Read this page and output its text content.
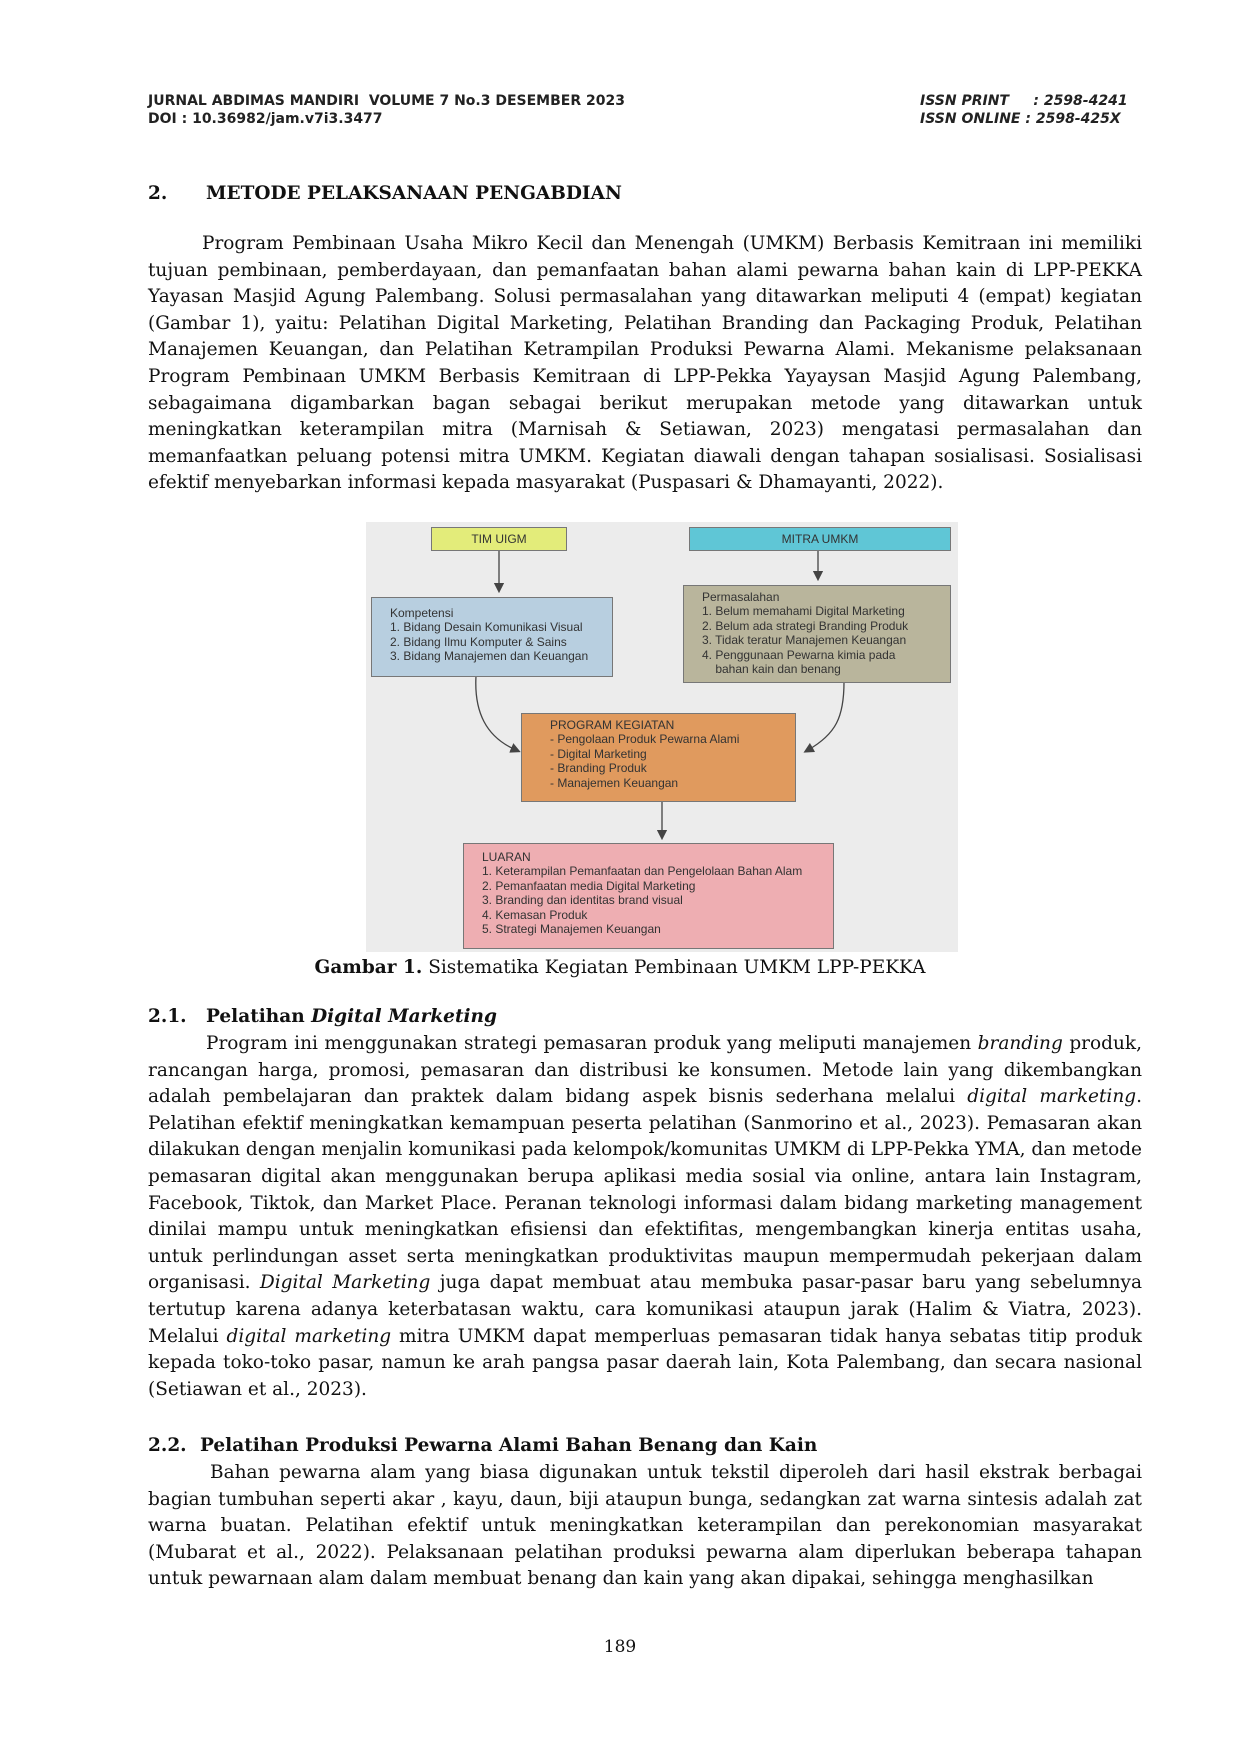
JURNAL ABDIMAS MANDIRI  VOLUME 7 No.3 DESEMBER 2023
DOI : 10.36982/jam.v7i3.3477
ISSN PRINT     : 2598-4241
ISSN ONLINE : 2598-425X
2. METODE PELAKSANAAN PENGABDIAN

Program Pembinaan Usaha Mikro Kecil dan Menengah (UMKM) Berbasis Kemitraan ini memiliki tujuan pembinaan, pemberdayaan, dan pemanfaatan bahan alami pewarna bahan kain di LPP-PEKKA Yayasan Masjid Agung Palembang. Solusi permasalahan yang ditawarkan meliputi 4 (empat) kegiatan (Gambar 1), yaitu: Pelatihan Digital Marketing, Pelatihan Branding dan Packaging Produk, Pelatihan Manajemen Keuangan, dan Pelatihan Ketrampilan Produksi Pewarna Alami. Mekanisme pelaksanaan Program Pembinaan UMKM Berbasis Kemitraan di LPP-Pekka Yayaysan Masjid Agung Palembang, sebagaimana digambarkan bagan sebagai berikut merupakan metode yang ditawarkan untuk meningkatkan keterampilan mitra (Marnisah & Setiawan, 2023) mengatasi permasalahan dan memanfaatkan peluang potensi mitra UMKM. Kegiatan diawali dengan tahapan sosialisasi. Sosialisasi efektif menyebarkan informasi kepada masyarakat (Puspasari & Dhamayanti, 2022).

TIM UIGM	MITRA UMKM
Kompetensi
1. Bidang Desain Komunikasi Visual
2. Bidang Ilmu Komputer & Sains
3. Bidang Manajemen dan Keuangan
Permasalahan
1. Belum memahami Digital Marketing
2. Belum ada strategi Branding Produk
3. Tidak teratur Manajemen Keuangan
4. Penggunaan Pewarna kimia pada
bahan kain dan benang
PROGRAM KEGIATAN
- Pengolaan Produk Pewarna Alami
- Digital Marketing
- Branding Produk
- Manajemen Keuangan
LUARAN
1. Keterampilan Pemanfaatan dan Pengelolaan Bahan Alam
2. Pemanfaatan media Digital Marketing
3. Branding dan identitas brand visual
4. Kemasan Produk
5. Strategi Manajemen Keuangan
Gambar 1. Sistematika Kegiatan Pembinaan UMKM LPP-PEKKA
2.1. Pelatihan Digital Marketing

Program ini menggunakan strategi pemasaran produk yang meliputi manajemen branding produk, rancangan harga, promosi, pemasaran dan distribusi ke konsumen. Metode lain yang dikembangkan adalah pembelajaran dan praktek dalam bidang aspek bisnis sederhana melalui digital marketing. Pelatihan efektif meningkatkan kemampuan peserta pelatihan (Sanmorino et al., 2023). Pemasaran akan dilakukan dengan menjalin komunikasi pada kelompok/komunitas UMKM di LPP-Pekka YMA, dan metode pemasaran digital akan menggunakan berupa aplikasi media sosial via online, antara lain Instagram, Facebook, Tiktok, dan Market Place. Peranan teknologi informasi dalam bidang marketing management dinilai mampu untuk meningkatkan efisiensi dan efektifitas, mengembangkan kinerja entitas usaha, untuk perlindungan asset serta meningkatkan produktivitas maupun mempermudah pekerjaan dalam organisasi. Digital Marketing juga dapat membuat atau membuka pasar-pasar baru yang sebelumnya tertutup karena adanya keterbatasan waktu, cara komunikasi ataupun jarak (Halim & Viatra, 2023). Melalui digital marketing mitra UMKM dapat memperluas pemasaran tidak hanya sebatas titip produk kepada toko-toko pasar, namun ke arah pangsa pasar daerah lain, Kota Palembang, dan secara nasional (Setiawan et al., 2023).

2.2. Pelatihan Produksi Pewarna Alami Bahan Benang dan Kain

Bahan pewarna alam yang biasa digunakan untuk tekstil diperoleh dari hasil ekstrak berbagai bagian tumbuhan seperti akar , kayu, daun, biji ataupun bunga, sedangkan zat warna sintesis adalah zat warna buatan. Pelatihan efektif untuk meningkatkan keterampilan dan perekonomian masyarakat (Mubarat et al., 2022). Pelaksanaan pelatihan produksi pewarna alam diperlukan beberapa tahapan untuk pewarnaan alam dalam membuat benang dan kain yang akan dipakai, sehingga menghasilkan

189
